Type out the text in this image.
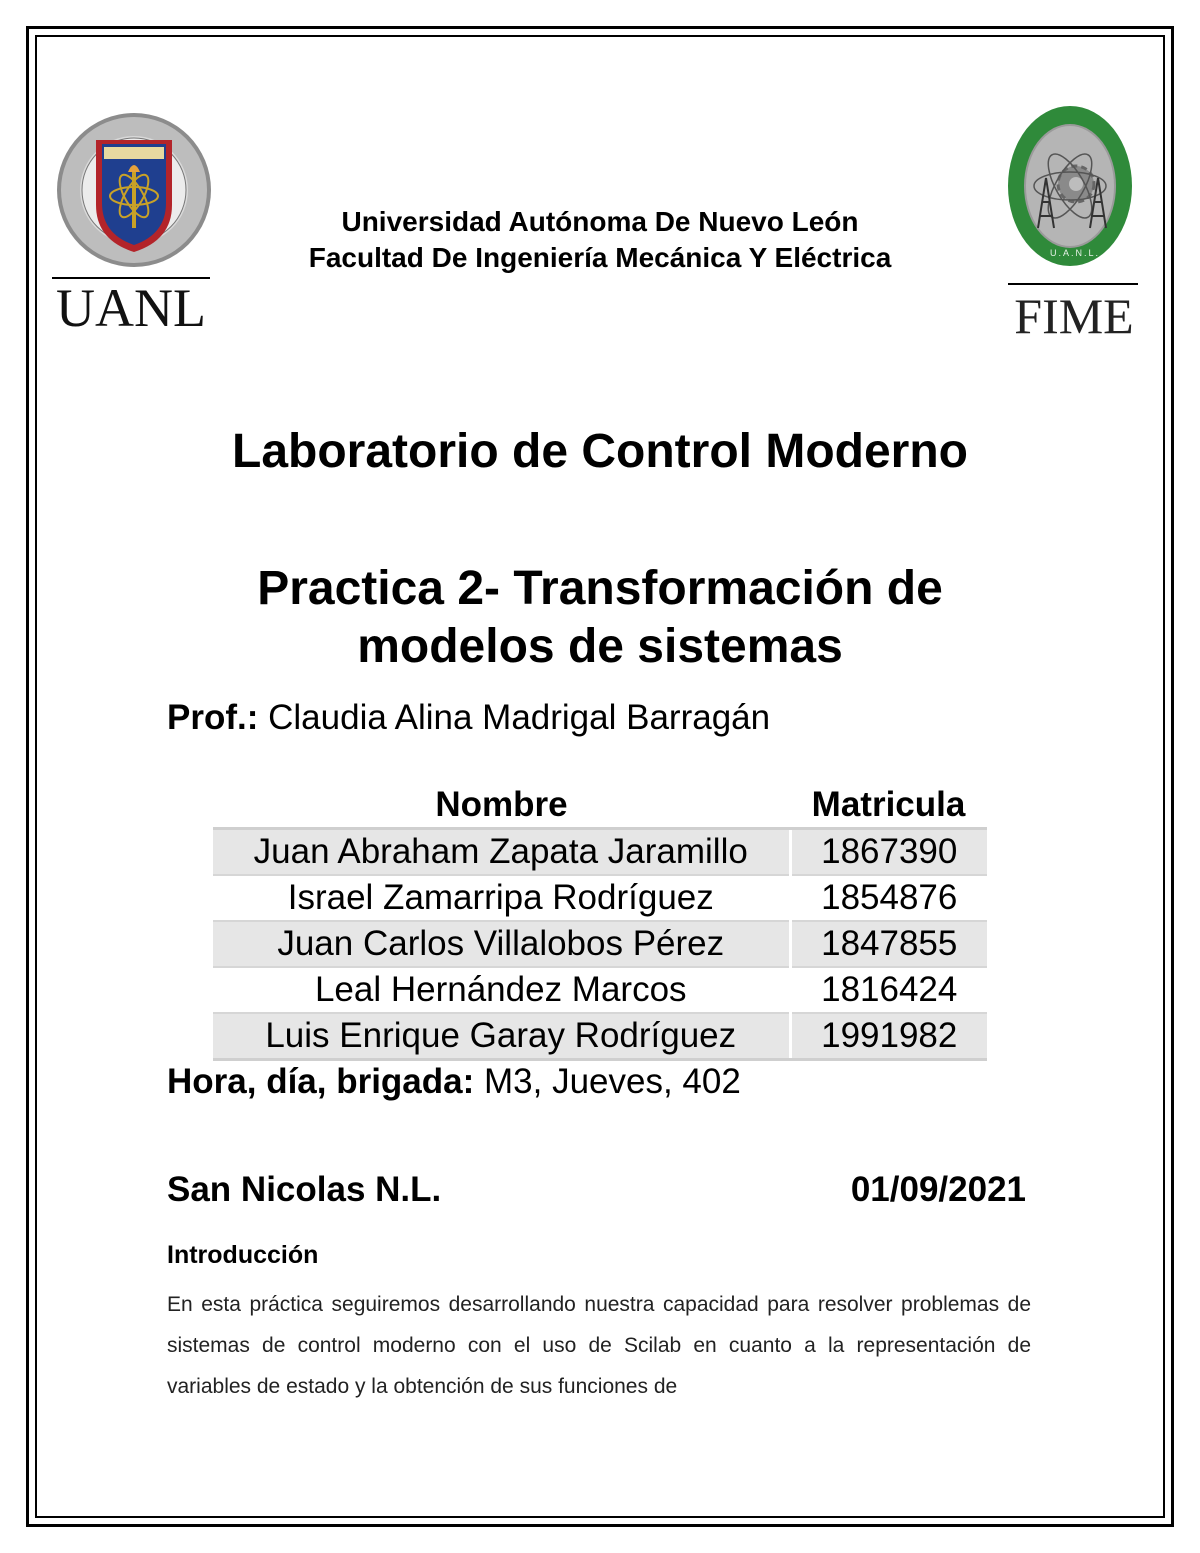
UANL
U.A.N.L.
FIME
Universidad Autónoma De Nuevo León
Facultad De Ingeniería Mecánica Y Eléctrica
Laboratorio de Control Moderno
Practica 2- Transformación de
modelos de sistemas
Prof.: Claudia Alina Madrigal Barragán
Nombre	Matricula
Juan Abraham Zapata Jaramillo	1867390
Israel Zamarripa Rodríguez	1854876
Juan Carlos Villalobos Pérez	1847855
Leal Hernández Marcos	1816424
Luis Enrique Garay Rodríguez	1991982
Hora, día, brigada: M3, Jueves, 402
San Nicolas N.L.	01/09/2021
Introducción
En esta práctica seguiremos desarrollando nuestra capacidad para resolver problemas de sistemas de control moderno con el uso de Scilab en cuanto a la representación de variables de estado y la obtención de sus funciones de
